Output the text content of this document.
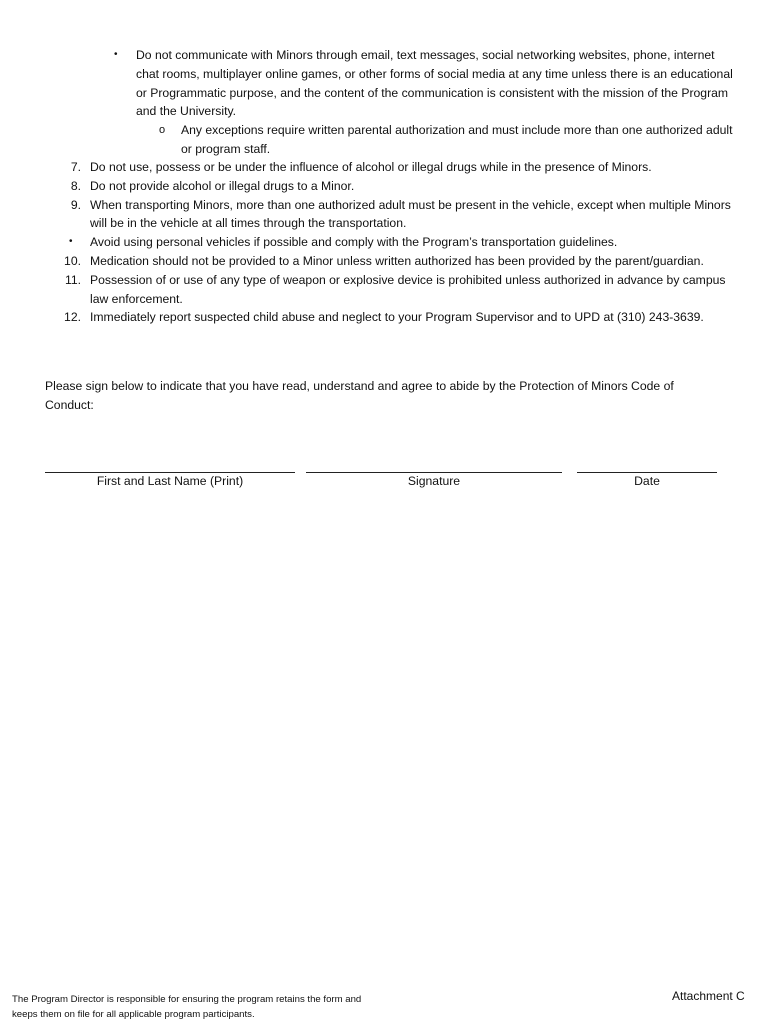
•	Do not communicate with Minors through email, text messages, social networking websites, phone, internet chat rooms, multiplayer online games, or other forms of social media at any time unless there is an educational or Programmatic purpose, and the content of the communication is consistent with the mission of the Program and the University.
o Any exceptions require written parental authorization and must include more than one authorized adult or program staff.
7. Do not use, possess or be under the influence of alcohol or illegal drugs while in the presence of Minors.
8. Do not provide alcohol or illegal drugs to a Minor.
9. When transporting Minors, more than one authorized adult must be present in the vehicle, except when multiple Minors will be in the vehicle at all times through the transportation.
•	Avoid using personal vehicles if possible and comply with the Program’s transportation guidelines.
10. Medication should not be provided to a Minor unless written authorized has been provided by the parent/guardian.
11. Possession of or use of any type of weapon or explosive device is prohibited unless authorized in advance by campus law enforcement.
12. Immediately report suspected child abuse and neglect to your Program Supervisor and to UPD at (310) 243-3639.
Please sign below to indicate that you have read, understand and agree to abide by the Protection of Minors Code of Conduct:
First and Last Name (Print)	Signature	Date
The Program Director is responsible for ensuring the program retains the form and keeps them on file for all applicable program participants.
Attachment C
